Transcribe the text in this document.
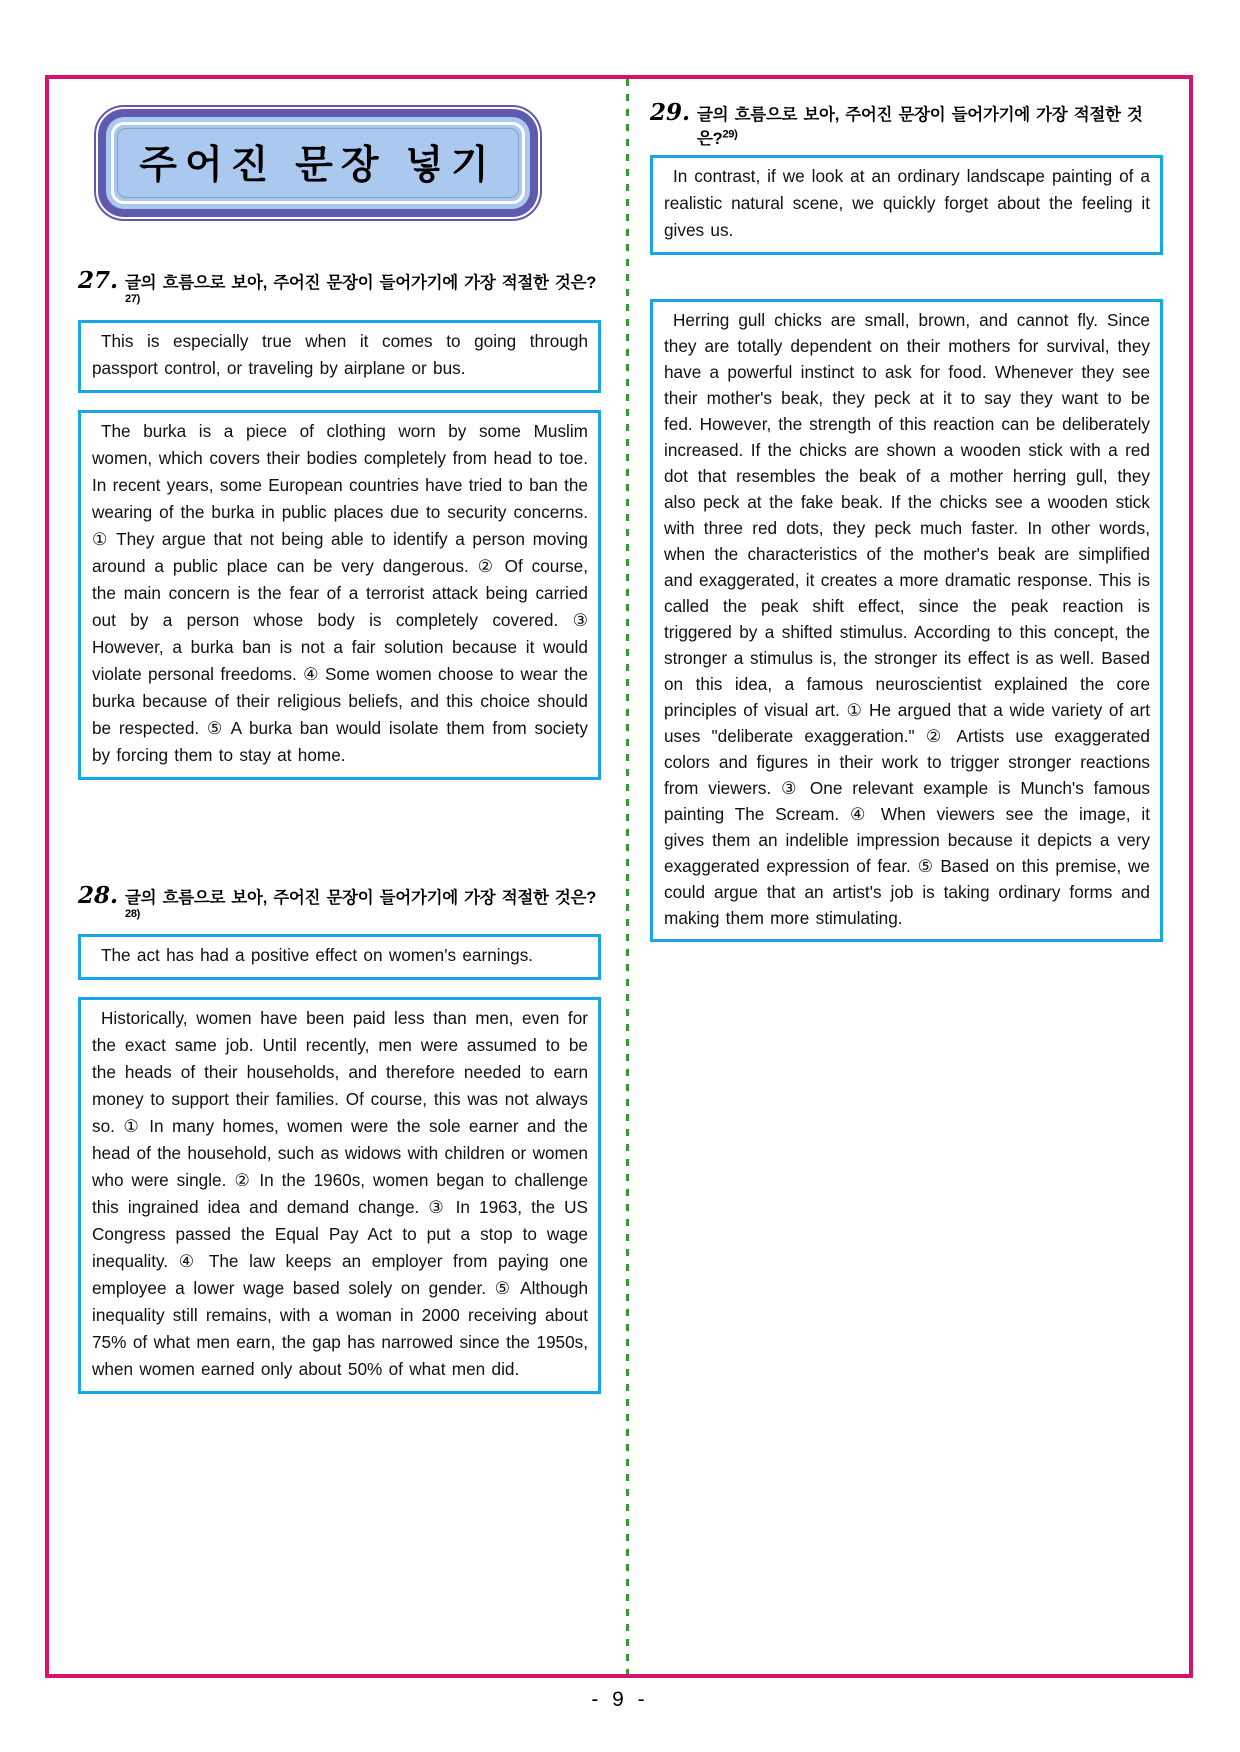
주어진 문장 넣기
27. 글의 흐름으로 보아, 주어진 문장이 들어가기에 가장 적절한 것은?$^{27)}$
This is especially true when it comes to going through passport control, or traveling by airplane or bus.
The burka is a piece of clothing worn by some Muslim women, which covers their bodies completely from head to toe. In recent years, some European countries have tried to ban the wearing of the burka in public places due to security concerns. ① They argue that not being able to identify a person moving around a public place can be very dangerous. ② Of course, the main concern is the fear of a terrorist attack being carried out by a person whose body is completely covered. ③ However, a burka ban is not a fair solution because it would violate personal freedoms. ④ Some women choose to wear the burka because of their religious beliefs, and this choice should be respected. ⑤ A burka ban would isolate them from society by forcing them to stay at home.
28. 글의 흐름으로 보아, 주어진 문장이 들어가기에 가장 적절한 것은?$^{28)}$
The act has had a positive effect on women's earnings.
Historically, women have been paid less than men, even for the exact same job. Until recently, men were assumed to be the heads of their households, and therefore needed to earn money to support their families. Of course, this was not always so. ① In many homes, women were the sole earner and the head of the household, such as widows with children or women who were single. ② In the 1960s, women began to challenge this ingrained idea and demand change. ③ In 1963, the US Congress passed the Equal Pay Act to put a stop to wage inequality. ④ The law keeps an employer from paying one employee a lower wage based solely on gender. ⑤ Although inequality still remains, with a woman in 2000 receiving about 75% of what men earn, the gap has narrowed since the 1950s, when women earned only about 50% of what men did.
29. 글의 흐름으로 보아, 주어진 문장이 들어가기에 가장 적절한 것은?$^{29)}$
In contrast, if we look at an ordinary landscape painting of a realistic natural scene, we quickly forget about the feeling it gives us.
Herring gull chicks are small, brown, and cannot fly. Since they are totally dependent on their mothers for survival, they have a powerful instinct to ask for food. Whenever they see their mother's beak, they peck at it to say they want to be fed. However, the strength of this reaction can be deliberately increased. If the chicks are shown a wooden stick with a red dot that resembles the beak of a mother herring gull, they also peck at the fake beak. If the chicks see a wooden stick with three red dots, they peck much faster. In other words, when the characteristics of the mother's beak are simplified and exaggerated, it creates a more dramatic response. This is called the peak shift effect, since the peak reaction is triggered by a shifted stimulus. According to this concept, the stronger a stimulus is, the stronger its effect is as well. Based on this idea, a famous neuroscientist explained the core principles of visual art. ① He argued that a wide variety of art uses "deliberate exaggeration." ② Artists use exaggerated colors and figures in their work to trigger stronger reactions from viewers. ③ One relevant example is Munch's famous painting The Scream. ④ When viewers see the image, it gives them an indelible impression because it depicts a very exaggerated expression of fear. ⑤ Based on this premise, we could argue that an artist's job is taking ordinary forms and making them more stimulating.
- 9 -
